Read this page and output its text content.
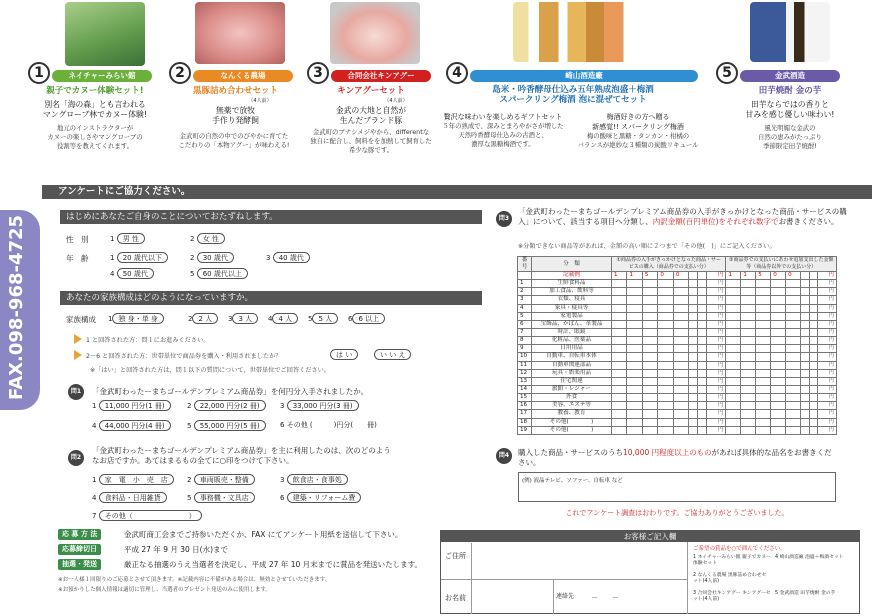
1	ネイチャーみらい館
親子でカヌー体験セット!
別名「海の森」とも言われる
マングローブ林でカヌー体験!
地元のインストラクターが
カヌーの楽しさやマングローブの
役割等を教えてくれます。
2	なんくる農場
黒豚詰め合わせセット
（4人前）
無薬で放牧
手作り発酵飼
金武町の自然の中でのびやかに育てた
こだわりの「本物アグー」が味わえる!
3	合同会社キンアグー
キンアグーセット
（4人前）
金武の大地と自然が
生んだブランド豚
金武町のブナシメジやから、differentな
独自に配合し、飼料をを加熱して飼育した
希少な豚です。
4	崎山酒造廠
島米・吟香酵母仕込み五年熟成泡盛＋梅酒
スパークリング梅酒 泡に混ぜてセット
贅沢な味わいを楽しめるギフトセット
５年の熟成で、深みとまろやかさが増した
天然吟香酵母仕込みの古酒と、
濃厚な黒糖梅酒です。
梅酒好きの方へ贈る
新感覚!! スパークリング梅酒
梅の酸味と黒糖・タンカン・柑橘の
バランスが絶妙な３種類の炭酸リキュール
5	金武酒造
田芋焼酎 金の芋
田芋ならではの香りと
甘みを感じ優しい味わい!
風光明媚な金武の
自然の恵みがたっぷり
季節限定田芋焼酎!
アンケートにご協力ください。
FAX.098-968-4725	はじめにあなたご自身のことについておたずねします。
性　別	1 男 性	2 女 性
年　齢	1 20 歳代以下	2 30 歳代	3 40 歳代
4 50 歳代	5 60 歳代以上
あなたの家族構成はどのようになっていますか。
家族構成 1 独 身・単 身	2 2 人	3 3 人	4 4 人	5 5 人	6 6 以上
1 と回答された方：問１にお進みください。
2〜6 と回答された方：世帯単位で商品券を購入・利用されましたか？	は い	い い え
※「はい」と回答された方は、問１以下の質問について、世帯単位でご回答ください。
問1	「金武町わったーまちゴールデンプレミアム商品券」を何円分入手されましたか。
1 11,000 円分(1 冊)	2 22,000 円分(2 冊)	3 33,000 円分(3 冊)
4 44,000 円分(4 冊)	5 55,000 円分(5 冊)	6 その他 (　　　)円分(　　冊)
問2
「金武町わったーまちゴールデンプレミアム商品券」を主に利用したのは、次のどのようなお店ですか。あてはまるもの全てに○印をつけて下さい。
1 家　電　小　売　店	2 車両販売・整備	3 飲食店・食事処
4 食料品・日用雑貨	5 事務機・文具店	6 建築・リフォーム費
7 その他（　　　　　　　　）
問3
「金武町わったーまちゴールデンプレミアム商品券の入手がきっかけとなった商品・サービスの購入」について、該当する項目へ分類し、内訳金額(百円単位)をそれぞれ数字でお書きください。
※分類できない商品等があれば、金額の高い順に２つまで「その他(　)」にご記入ください。
番号	分　類	①商品券の入手がきっかけとなった商品・サービスの購入（商品券での支払い分）								②商品券での支払いにあわせ追加支出した金額等（商品券以外での支払い分）							
	記載例	1	1	5	0	0			円	1	1	5	0	0			円
1	生鮮食料品								円								円
2	加工食品、飲料等								円								円
3	衣類、寝具								円								円
4	家具・寝具等								円								円
5	家電製品								円								円
6	宝飾品、かばん、革製品								円								円
7	時計、眼鏡								円								円
8	化粧品、医薬品								円								円
9	日用用品								円								円
10	自動車、自転車本体								円								円
11	自動車関連部品								円								円
12	玩具・娯楽用品								円								円
13	住宅関連								円								円
14	旅館・レジャー								円								円
15	外食								円								円
16	美容、エステ等								円								円
17	教養、教育								円								円
18	その他(　　　　)								円								円
19	その他(　　　　)								円								円
問4	購入した商品・サービスのうち10,000 円程度以上のものがあれば具体的な品名をお書きください。
(例) 液晶テレビ、ソファー、自転車 など
これでアンケート調査はおわりです。ご協力ありがとうございました。
応 募 方 法	金武町商工会までご持参いただくか、FAX にてアンケート用紙を送信して下さい。
応募締切日	平成 27 年 9 月 30 日(水)まで
抽選・発送	厳正なる抽選のうえ当選者を決定し、平成 27 年 10 月末までに賞品を発送いたします。
※お一人様１回限りのご応募とさせて頂きます。※記載内容に不備がある場合は、無効とさせていただきます。
※お預かりした個人情報は適切に管理し、当選者のプレゼント発送のみに使用します。
お客様ご記入欄
ご住所
お名前	連絡先 －　　－
ご希望の賞品を○で囲んでください。
1 ネイチャーみらい館 親子でカヌー体験セット
2 なんくる農場 黒豚詰め合わせセット(4人前)
3 合同会社キンアグー キンアグーセット(4人前)
4 崎山酒造廠 泡盛＋梅酒セット
5 金武酒造 田芋焼酎 金の芋
